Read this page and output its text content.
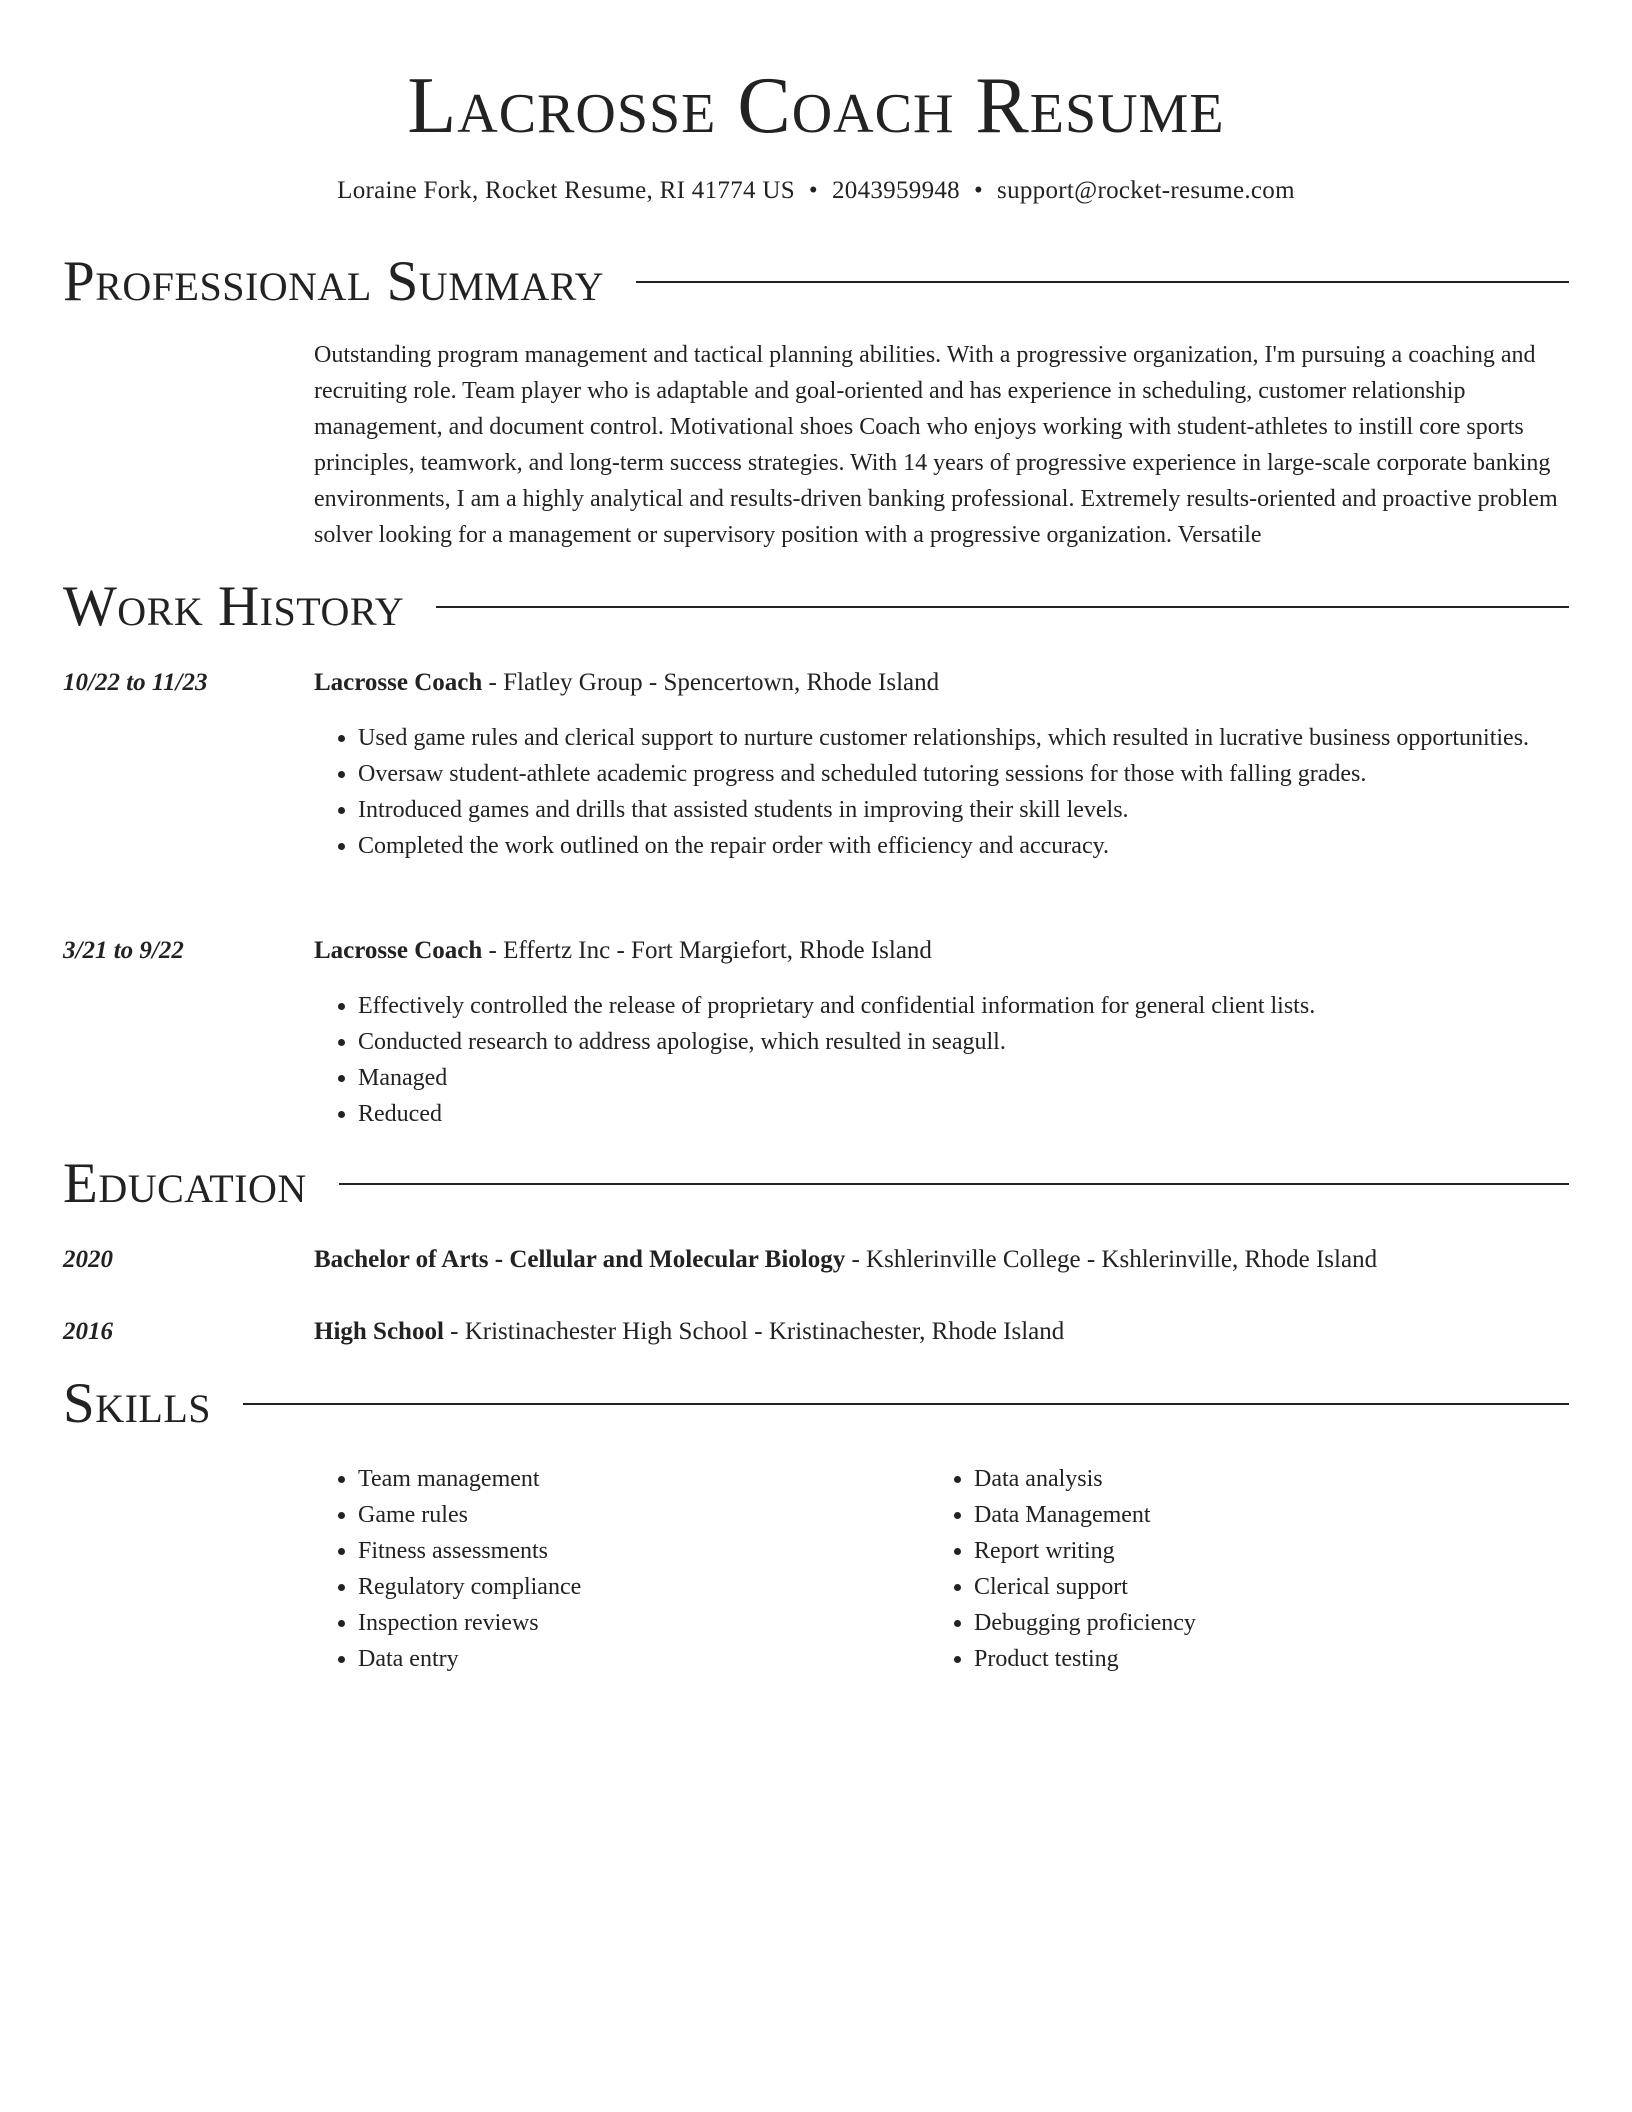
Lacrosse Coach Resume
Loraine Fork, Rocket Resume, RI 41774 US • 2043959948 • support@rocket-resume.com
Professional Summary
Outstanding program management and tactical planning abilities. With a progressive organization, I'm pursuing a coaching and recruiting role. Team player who is adaptable and goal-oriented and has experience in scheduling, customer relationship management, and document control. Motivational shoes Coach who enjoys working with student-athletes to instill core sports principles, teamwork, and long-term success strategies. With 14 years of progressive experience in large-scale corporate banking environments, I am a highly analytical and results-driven banking professional. Extremely results-oriented and proactive problem solver looking for a management or supervisory position with a progressive organization. Versatile
Work History
10/22 to 11/23	Lacrosse Coach - Flatley Group - Spencertown, Rhode Island
• Used game rules and clerical support to nurture customer relationships, which resulted in lucrative business opportunities.
• Oversaw student-athlete academic progress and scheduled tutoring sessions for those with falling grades.
• Introduced games and drills that assisted students in improving their skill levels.
• Completed the work outlined on the repair order with efficiency and accuracy.
3/21 to 9/22	Lacrosse Coach - Effertz Inc - Fort Margiefort, Rhode Island
• Effectively controlled the release of proprietary and confidential information for general client lists.
• Conducted research to address apologise, which resulted in seagull.
• Managed
• Reduced
Education
2020	Bachelor of Arts - Cellular and Molecular Biology - Kshlerinville College - Kshlerinville, Rhode Island
2016	High School - Kristinachester High School - Kristinachester, Rhode Island
Skills
• Team management
• Game rules
• Fitness assessments
• Regulatory compliance
• Inspection reviews
• Data entry
• Data analysis
• Data Management
• Report writing
• Clerical support
• Debugging proficiency
• Product testing
